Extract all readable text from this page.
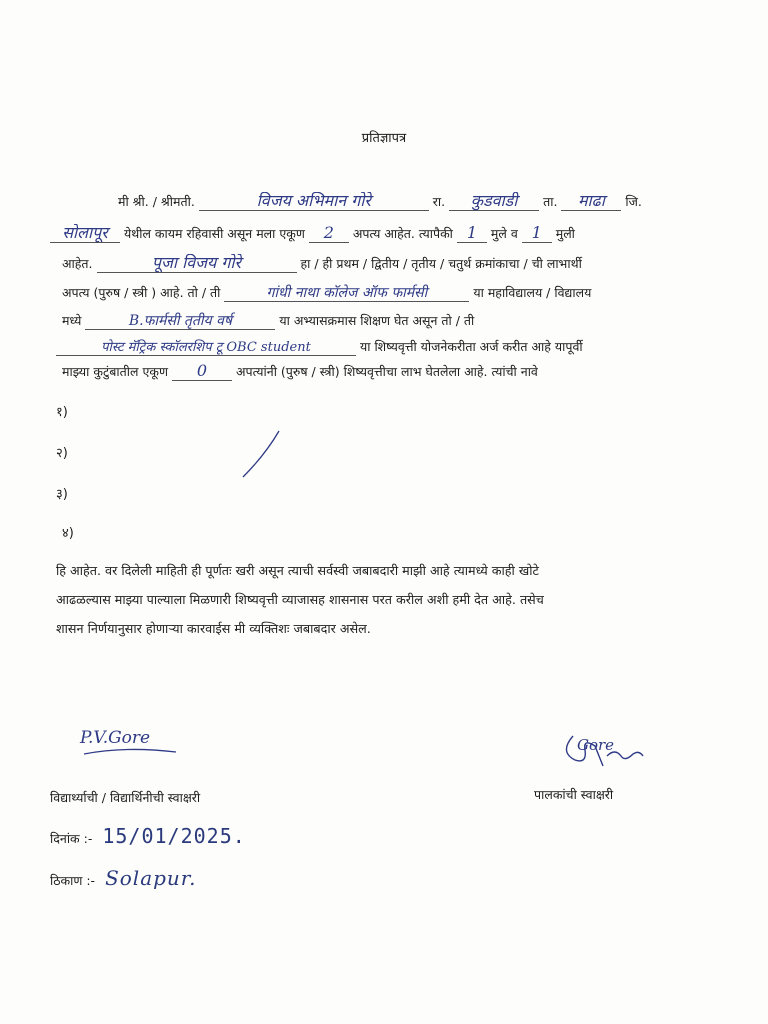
प्रतिज्ञापत्र
मी श्री. / श्रीमती.	विजय अभिमान गोरे	रा. कुडवाडी ता. माढा जि.
सोलापूर येथील कायम रहिवासी असून मला एकूण 2 अपत्य आहेत. त्यापैकी 1 मुले व 1 मुली
आहेत.	पूजा विजय गोरे	हा / ही प्रथम / द्वितीय / तृतीय / चतुर्थ क्रमांकाचा / ची लाभार्थी
अपत्य (पुरुष / स्त्री ) आहे. तो / ती	गांधी नाथा कॉलेज ऑफ फार्मसी	या महाविद्यालय / विद्यालय
मध्ये	B.फार्मसी तृतीय वर्ष	या अभ्यासक्रमास शिक्षण घेत असून तो / ती
पोस्ट मॅट्रिक स्कॉलरशिप टू OBC student	या शिष्यवृत्ती योजनेकरीता अर्ज करीत आहे यापूर्वी
माझ्या कुटुंबातील एकूण 0 अपत्यांनी (पुरुष / स्त्री) शिष्यवृत्तीचा लाभ घेतलेला आहे. त्यांची नावे
१)
२)
३)
४)
हि आहेत. वर दिलेली माहिती ही पूर्णतः खरी असून त्याची सर्वस्वी जबाबदारी माझी आहे त्यामध्ये काही खोटे
आढळल्यास माझ्या पाल्याला मिळणारी शिष्यवृत्ती व्याजासह शासनास परत करील अशी हमी देत आहे. तसेच
शासन निर्णयानुसार होणाऱ्या कारवाईस मी व्यक्तिशः जबाबदार असेल.
P.V.Gore	Gore
विद्यार्थ्याची / विद्यार्थिनीची स्वाक्षरी	पालकांची स्वाक्षरी
दिनांक :- 15/01/2025.
ठिकाण :- Solapur.
